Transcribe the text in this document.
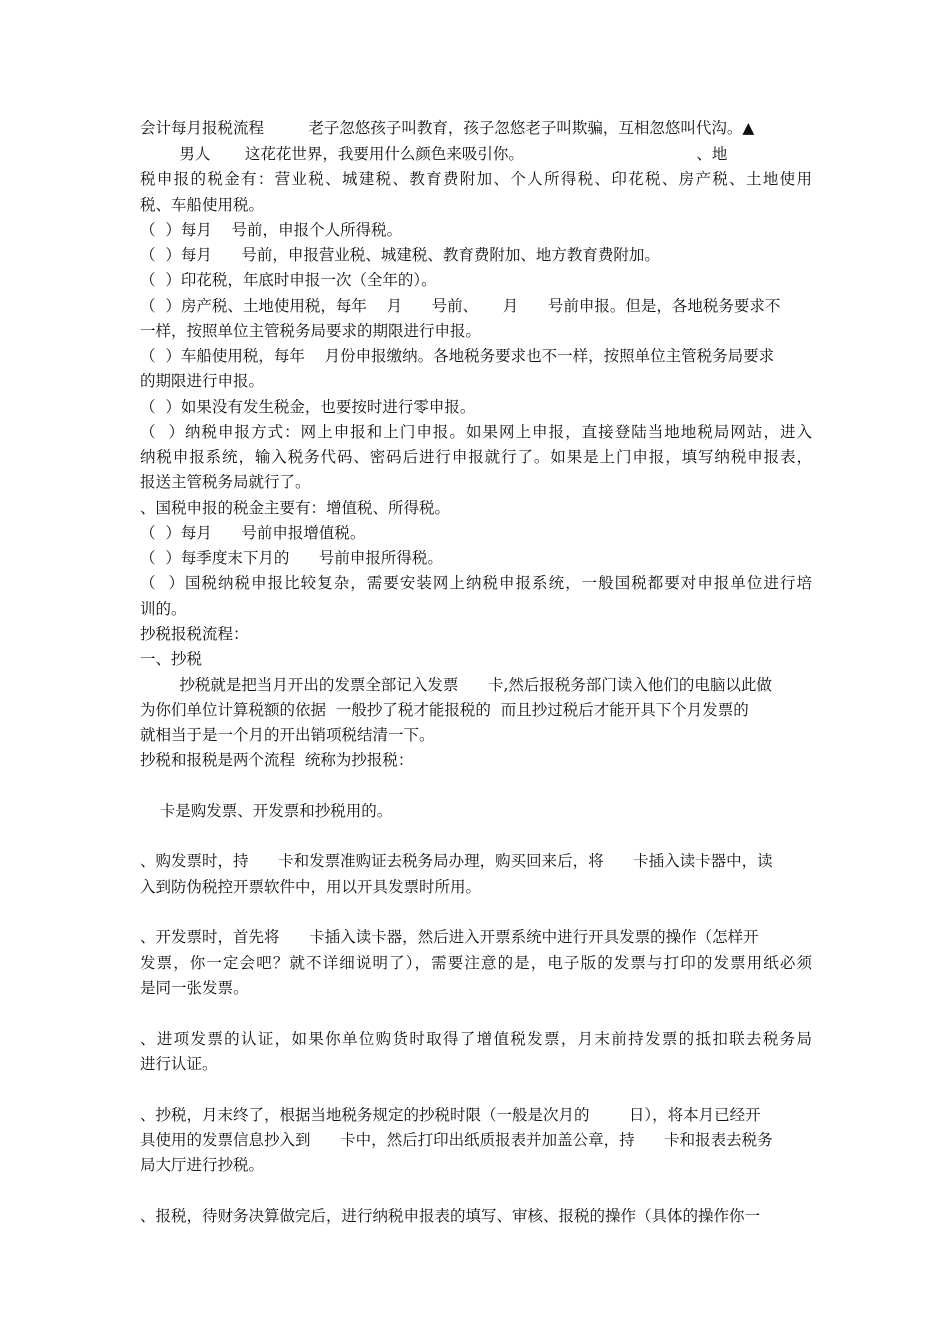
会计每月报税流程         老子忽悠孩子叫教育，孩子忽悠老子叫欺骗，互相忽悠叫代沟。▲
男人       这花花世界，我要用什么颜色来吸引你。                                   、地
税申报的税金有：营业税、城建税、教育费附加、个人所得税、印花税、房产税、土地使用
税、车船使用税。
（  ）每月    号前，申报个人所得税。
（  ）每月      号前，申报营业税、城建税、教育费附加、地方教育费附加。
（  ）印花税，年底时申报一次（全年的）。
（  ）房产税、土地使用税，每年    月      号前、     月      号前申报。但是，各地税务要求不
一样，按照单位主管税务局要求的期限进行申报。
（  ）车船使用税，每年    月份申报缴纳。各地税务要求也不一样，按照单位主管税务局要求
的期限进行申报。
（  ）如果没有发生税金，也要按时进行零申报。
（  ）纳税申报方式：网上申报和上门申报。如果网上申报，直接登陆当地地税局网站，进入
纳税申报系统，输入税务代码、密码后进行申报就行了。如果是上门申报，填写纳税申报表，
报送主管税务局就行了。
、国税申报的税金主要有：增值税、所得税。
（  ）每月      号前申报增值税。
（  ）每季度末下月的      号前申报所得税。
（  ）国税纳税申报比较复杂，需要安装网上纳税申报系统，一般国税都要对申报单位进行培
训的。
抄税报税流程：
一、抄税
抄税就是把当月开出的发票全部记入发票      卡,然后报税务部门读入他们的电脑以此做
为你们单位计算税额的依据  一般抄了税才能报税的  而且抄过税后才能开具下个月发票的
就相当于是一个月的开出销项税结清一下。
抄税和报税是两个流程  统称为抄报税：
卡是购发票、开发票和抄税用的。
、购发票时，持      卡和发票准购证去税务局办理，购买回来后，将      卡插入读卡器中，读
入到防伪税控开票软件中，用以开具发票时所用。
、开发票时，首先将      卡插入读卡器，然后进入开票系统中进行开具发票的操作（怎样开
发票，你一定会吧？就不详细说明了），需要注意的是，电子版的发票与打印的发票用纸必须
是同一张发票。
、进项发票的认证，如果你单位购货时取得了增值税发票，月末前持发票的抵扣联去税务局
进行认证。
、抄税，月末终了，根据当地税务规定的抄税时限（一般是次月的        日），将本月已经开
具使用的发票信息抄入到      卡中，然后打印出纸质报表并加盖公章，持      卡和报表去税务
局大厅进行抄税。
、报税，待财务决算做完后，进行纳税申报表的填写、审核、报税的操作（具体的操作你一
